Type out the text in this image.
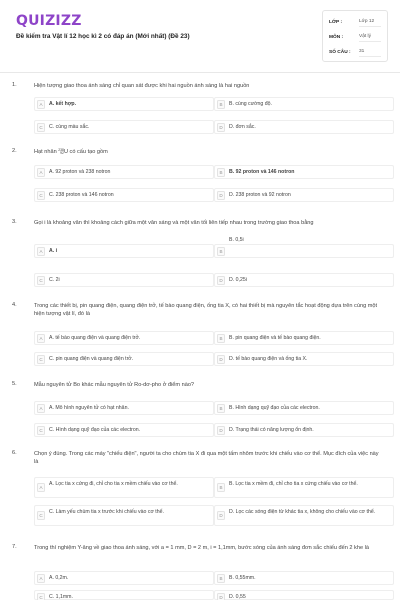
QUIZIZZ
Đề kiểm tra Vật lí 12 học kì 2 có đáp án (Mới nhất) (Đề 23)
LỚP :	Lớp 12
MÔN :	Vật lý
SỐ CÂU :	31
1.	Hiện tượng giao thoa ánh sáng chỉ quan sát được khi hai nguồn ánh sáng là hai nguồn
A	A. kết hợp.	B	B. cùng cường độ.
C	C. cùng màu sắc.	D	D. đơn sắc.
2.	Hạt nhân 238
92 U có cấu tạo gồm
A	A. 92 proton và 238 notron	B	B. 92 proton và 146 notron
C	C. 238 proton và 146 notron	D	D. 238 proton và 92 notron
3.	Gọi i là khoảng vân thì khoảng cách giữa một vân sáng và một vân tối liên tiếp nhau trong trường giao thoa bằng
A	A. i	B
B. 0,5i
C	C. 2i	D	D. 0,25i
4.	Trong các thiết bị, pin quang điện, quang điện trở, tế bào quang điện, ống tia X, có hai thiết bị mà nguyên tắc hoạt động dựa trên cùng một hiện tượng vật lí, đó là
A	A. tế bào quang điện và quang điện trở.	B	B. pin quang điện và tế bào quang điện.
C	C. pin quang điện và quang điện trở.	D	D. tế bào quang điện và ống tia X.
5.	Mẫu nguyên tử Bo khác mẫu nguyên tử Ro-dơ-pho ở điểm nào?
A	A. Mô hình nguyên tử có hạt nhân.	B	B. Hình dạng quỹ đạo của các electron.
C	C. Hình dạng quỹ đạo của các electron.	D	D. Trạng thái có năng lượng ổn định.
6.	Chọn ý đúng. Trong các máy "chiếu điện", người ta cho chùm tia X đi qua một tấm nhôm trước khi chiếu vào cơ thể. Mục đích của việc này là
A
A. Lọc tia x cứng đi, chỉ cho tia x mềm chiếu vào cơ thể.
B
B. Lọc tia x mềm đi, chỉ cho tia x cứng chiếu vào cơ thể.
C
C. Làm yếu chùm tia x trước khi chiếu vào cơ thể.
D
D. Lọc các sóng điện từ khác tia x, không cho chiếu vào cơ thể.
7.	Trong thí nghiệm Y-âng về giao thoa ánh sáng, với a = 1 mm, D = 2 m, i = 1,1mm, bước sóng của ánh sáng đơn sắc chiếu đến 2 khe là
A	A. 0,2m.	B	B. 0,55mm.
C	C. 1,1mm.	D	D. 0,55
